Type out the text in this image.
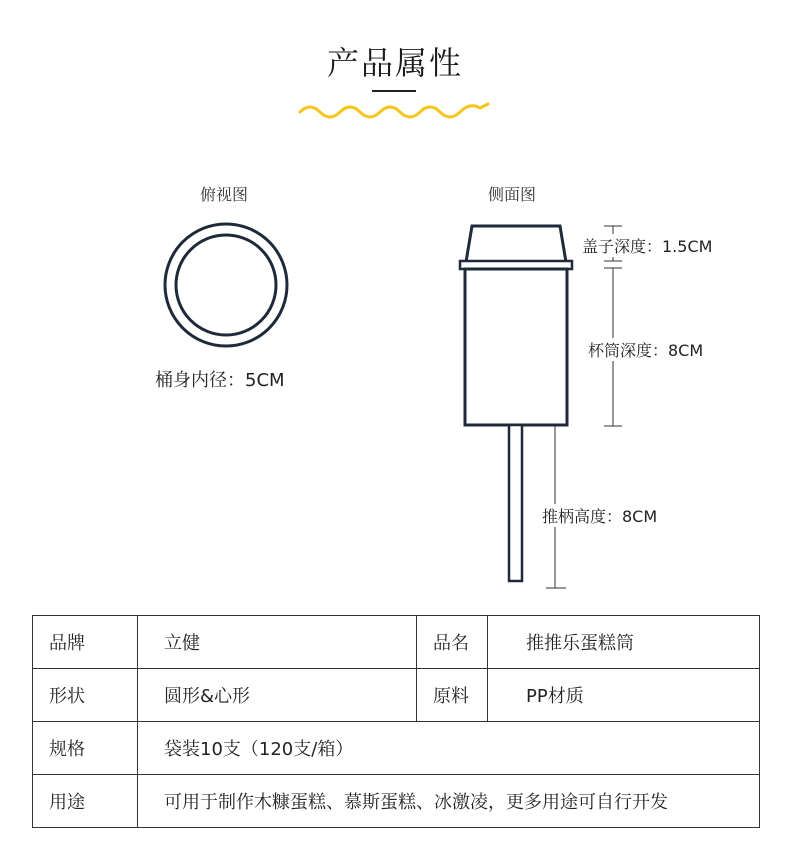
产品属性
俯视图	侧面图
桶身内径：5CM
盖子深度：1.5CM
杯筒深度：8CM
推柄高度：8CM
品牌	立健	品名	推推乐蛋糕筒
形状	圆形&心形	原料	PP材质
规格	袋装10支（120支/箱）		
用途	可用于制作木糠蛋糕、慕斯蛋糕、冰激凌，更多用途可自行开发		
